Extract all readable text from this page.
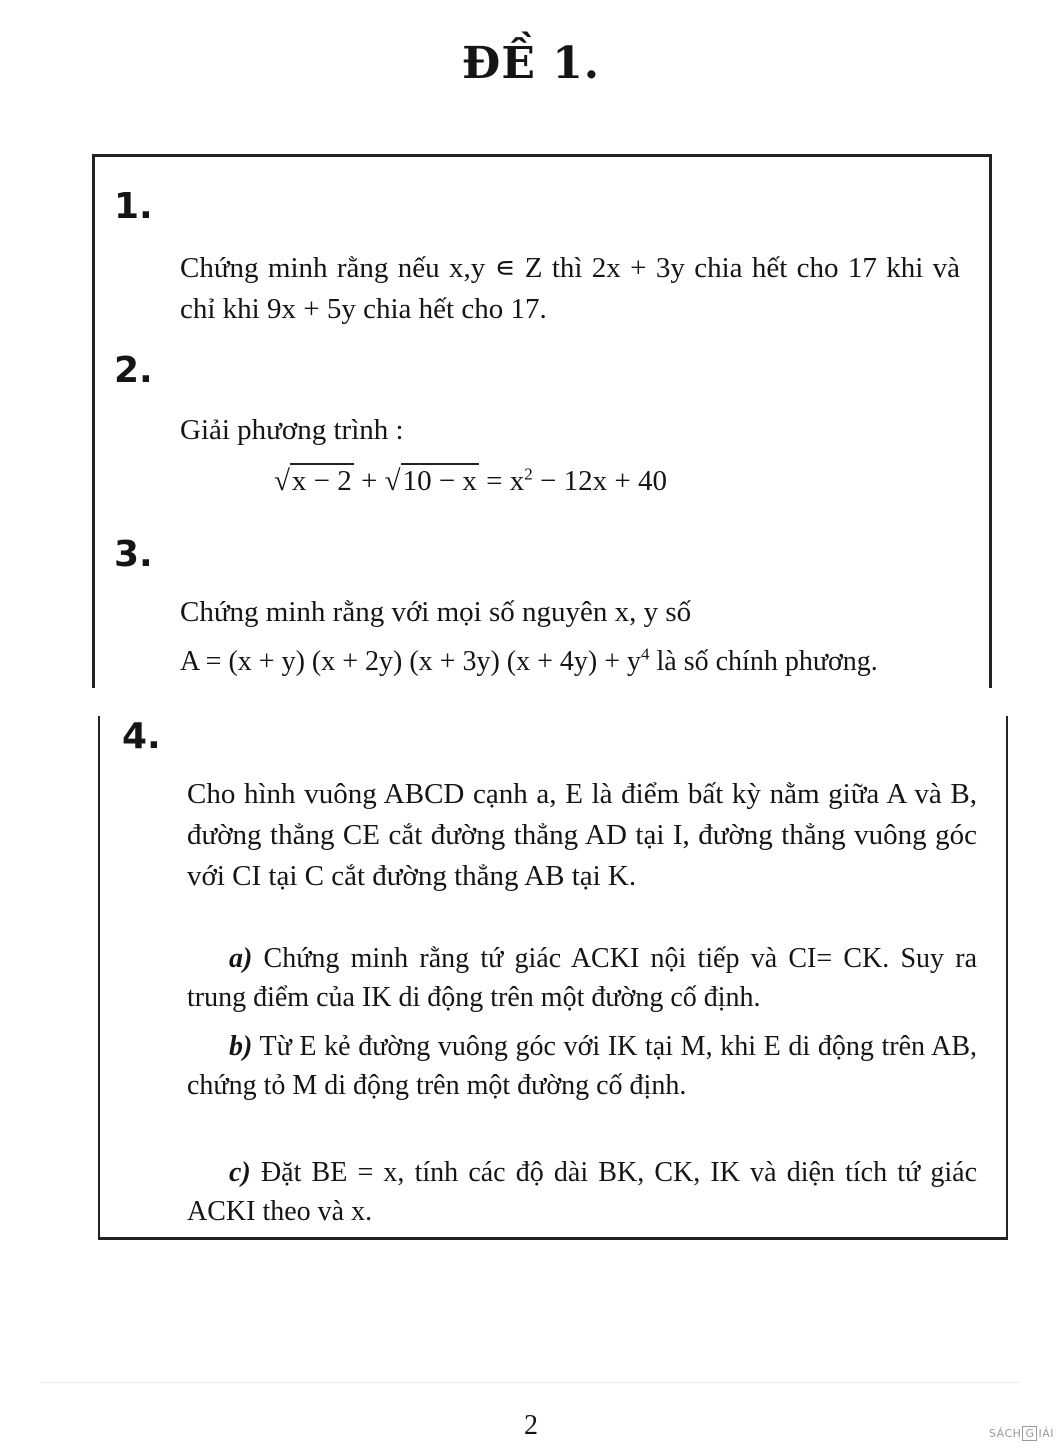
ĐỀ 1.
1.
Chứng minh rằng nếu x,y ∊ Z thì 2x + 3y chia hết cho 17 khi và chỉ khi 9x + 5y chia hết cho 17.
2.
Giải phương trình :
$√x - 2 + √10 - x = x^2 - 12x + 40$
3.
Chứng minh rằng với mọi số nguyên x, y số
A = (x + y) (x + 2y) (x + 3y) $(x + 4y) + y^4$ là số chính phương.
4.
Cho hình vuông ABCD cạnh a, E là điểm bất kỳ nằm giữa A và B, đường thẳng CE cắt đường thẳng AD tại I, đường thẳng vuông góc với CI tại C cắt đường thẳng AB tại K.
a) Chứng minh rằng tứ giác ACKI nội tiếp và CI= CK. Suy ra trung điểm của IK di động trên một đường cố định.
b) Từ E kẻ đường vuông góc với IK tại M, khi E di động trên AB, chứng tỏ M di động trên một đường cố định.
c) Đặt BE = x, tính các độ dài BK, CK, IK và diện tích tứ giác ACKI theo và x.
2	SÁCH G IẢI
